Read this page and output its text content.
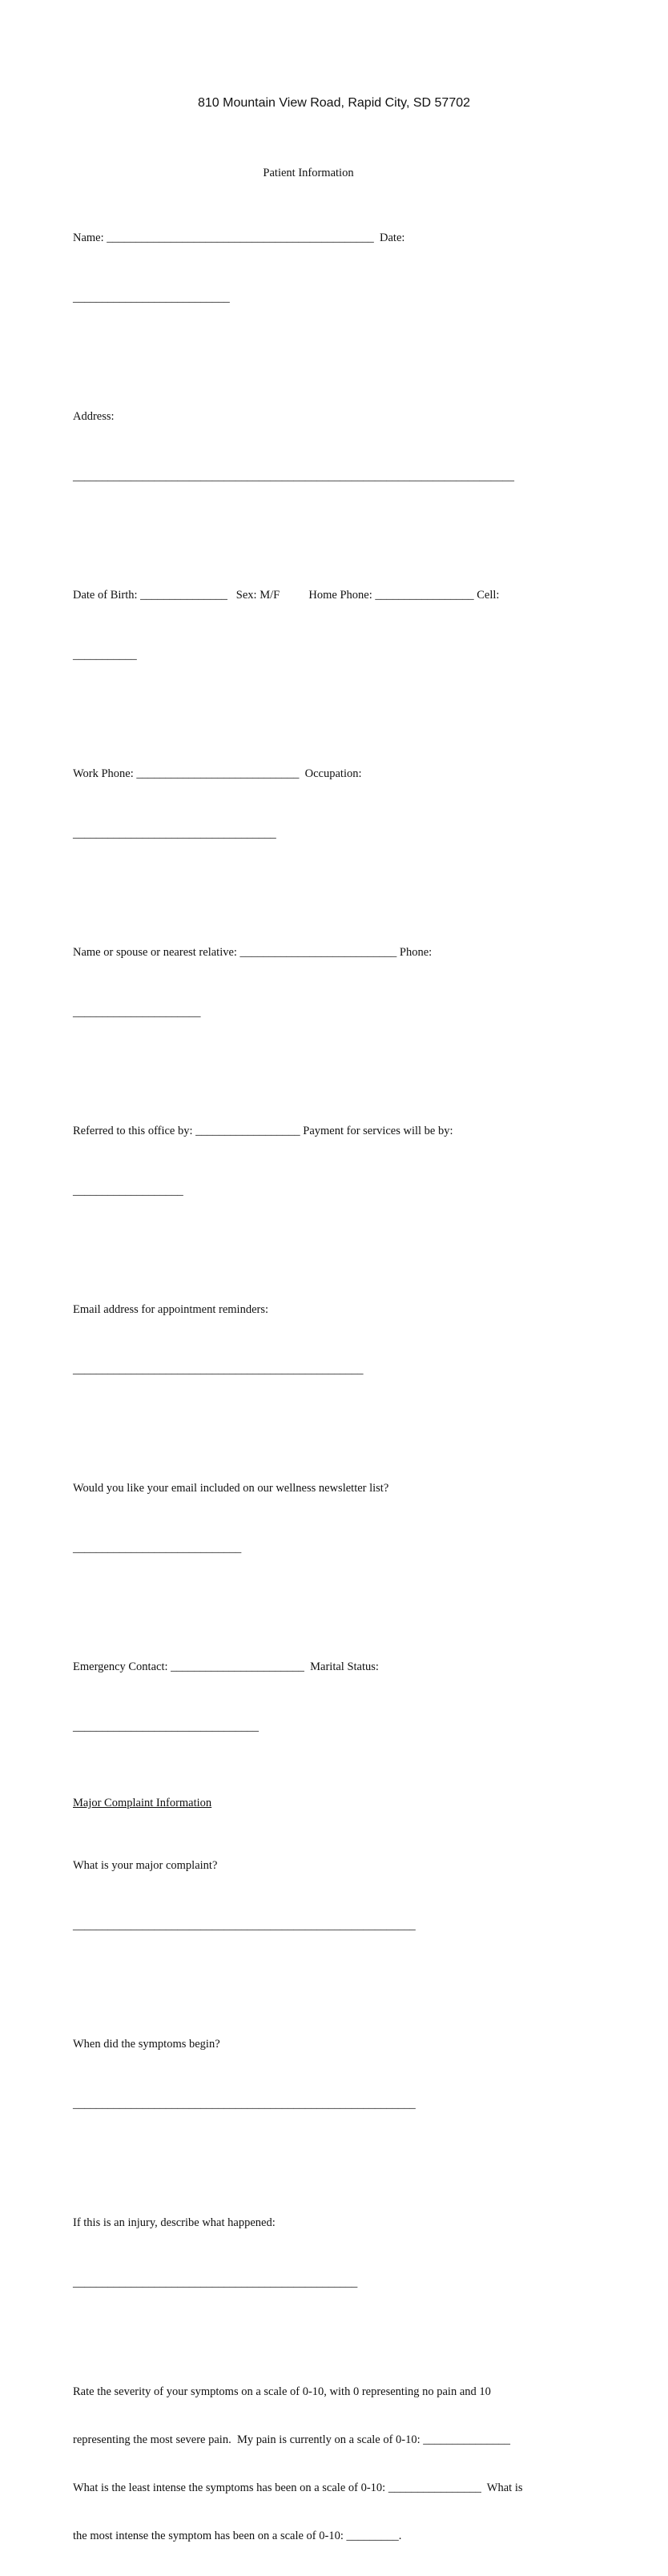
810 Mountain View Road, Rapid City, SD 57702
Patient Information

Name: ______________________________________________  Date:

___________________________

Address:

____________________________________________________________________________

Date of Birth: _______________   Sex: M/F          Home Phone: _________________ Cell:

___________

Work Phone: ____________________________  Occupation:

___________________________________

Name or spouse or nearest relative: ___________________________ Phone:

______________________

Referred to this office by: __________________ Payment for services will be by:

___________________

Email address for appointment reminders:

__________________________________________________

Would you like your email included on our wellness newsletter list?

_____________________________

Emergency Contact: _______________________  Marital Status:

________________________________

Major Complaint Information

What is your major complaint?

___________________________________________________________

When did the symptoms begin?

___________________________________________________________

If this is an injury, describe what happened:

_________________________________________________

Rate the severity of your symptoms on a scale of 0-10, with 0 representing no pain and 10

representing the most severe pain.  My pain is currently on a scale of 0-10: _______________

What is the least intense the symptoms has been on a scale of 0-10: ________________  What is

the most intense the symptom has been on a scale of 0-10: _________.
